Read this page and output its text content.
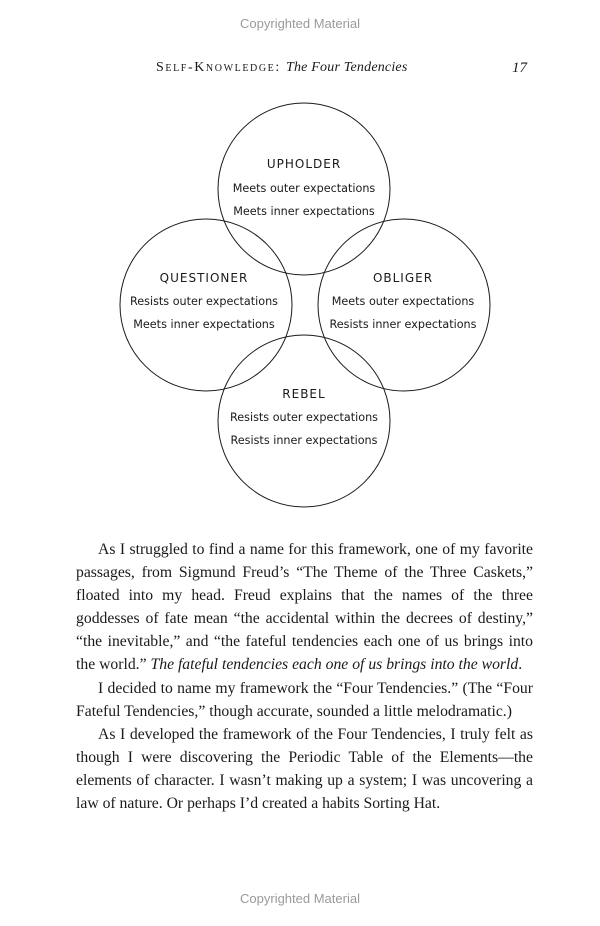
Copyrighted Material
Self-Knowledge: The Four Tendencies	17
UPHOLDER
Meets outer expectations
Meets inner expectations
QUESTIONER
Resists outer expectations
Meets inner expectations
OBLIGER
Meets outer expectations
Resists inner expectations
REBEL
Resists outer expectations
Resists inner expectations

As I struggled to find a name for this framework, one of my favorite passages, from Sigmund Freud’s “The Theme of the Three Caskets,” floated into my head. Freud explains that the names of the three goddesses of fate mean “the accidental within the decrees of destiny,” “the inevitable,” and “the fateful tendencies each one of us brings into the world.” The fateful tendencies each one of us brings into the world.

I decided to name my framework the “Four Tendencies.” (The “Four Fateful Tendencies,” though accurate, sounded a little melodramatic.)

As I developed the framework of the Four Tendencies, I truly felt as though I were discovering the Periodic Table of the Elements—the elements of character. I wasn’t making up a system; I was uncovering a law of nature. Or perhaps I’d created a habits Sorting Hat.

Copyrighted Material
